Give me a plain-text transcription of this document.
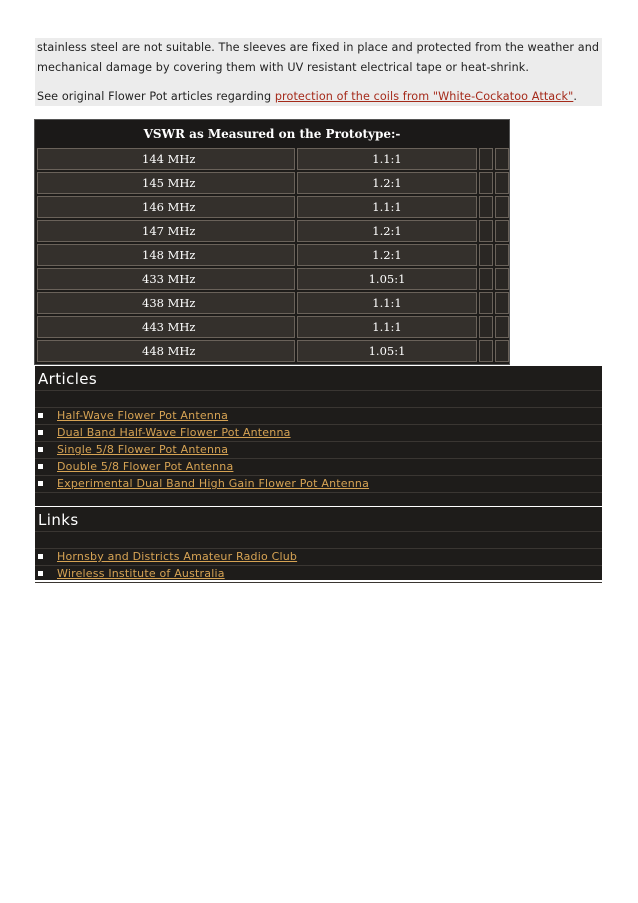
stainless steel are not suitable. The sleeves are fixed in place and protected from the weather and
mechanical damage by covering them with UV resistant electrical tape or heat-shrink.
See original Flower Pot articles regarding protection of the coils from "White-Cockatoo Attack".
VSWR as Measured on the Prototype:-
144 MHz	1.1:1
145 MHz	1.2:1
146 MHz	1.1:1
147 MHz	1.2:1
148 MHz	1.2:1
433 MHz	1.05:1
438 MHz	1.1:1
443 MHz	1.1:1
448 MHz	1.05:1
Articles
Half-Wave Flower Pot Antenna
Dual Band Half-Wave Flower Pot Antenna
Single 5/8 Flower Pot Antenna
Double 5/8 Flower Pot Antenna
Experimental Dual Band High Gain Flower Pot Antenna
Links
Hornsby and Districts Amateur Radio Club
Wireless Institute of Australia
